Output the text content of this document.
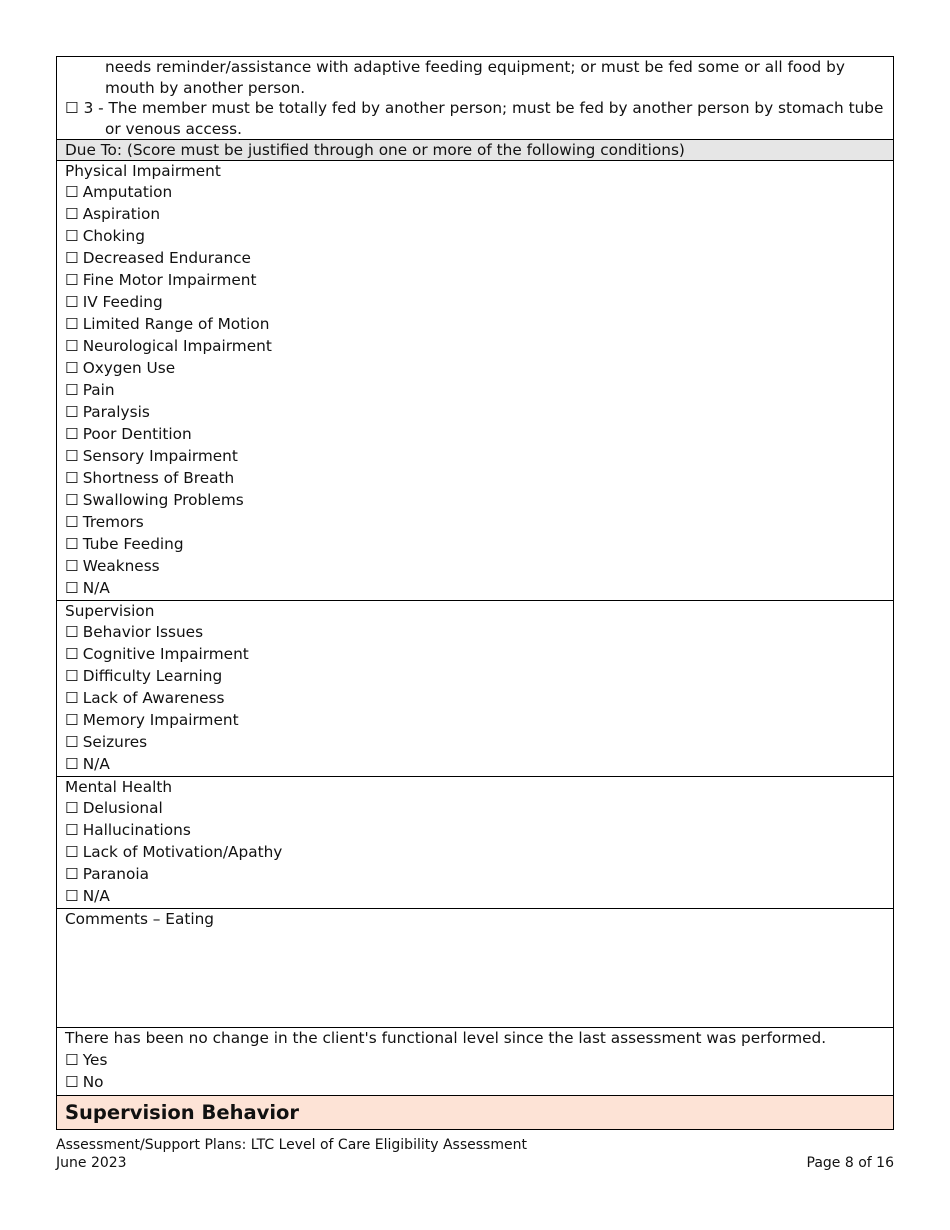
needs reminder/assistance with adaptive feeding equipment; or must be fed some or all food by mouth by another person.
☐ 3 - The member must be totally fed by another person; must be fed by another person by stomach tube or venous access.
Due To: (Score must be justified through one or more of the following conditions)
Physical Impairment
☐ Amputation
☐ Aspiration
☐ Choking
☐ Decreased Endurance
☐ Fine Motor Impairment
☐ IV Feeding
☐ Limited Range of Motion
☐ Neurological Impairment
☐ Oxygen Use
☐ Pain
☐ Paralysis
☐ Poor Dentition
☐ Sensory Impairment
☐ Shortness of Breath
☐ Swallowing Problems
☐ Tremors
☐ Tube Feeding
☐ Weakness
☐ N/A
Supervision
☐ Behavior Issues
☐ Cognitive Impairment
☐ Difficulty Learning
☐ Lack of Awareness
☐ Memory Impairment
☐ Seizures
☐ N/A
Mental Health
☐ Delusional
☐ Hallucinations
☐ Lack of Motivation/Apathy
☐ Paranoia
☐ N/A
Comments – Eating
There has been no change in the client's functional level since the last assessment was performed.
☐ Yes
☐ No
Supervision Behavior
Assessment/Support Plans: LTC Level of Care Eligibility Assessment
June 2023	Page 8 of 16
